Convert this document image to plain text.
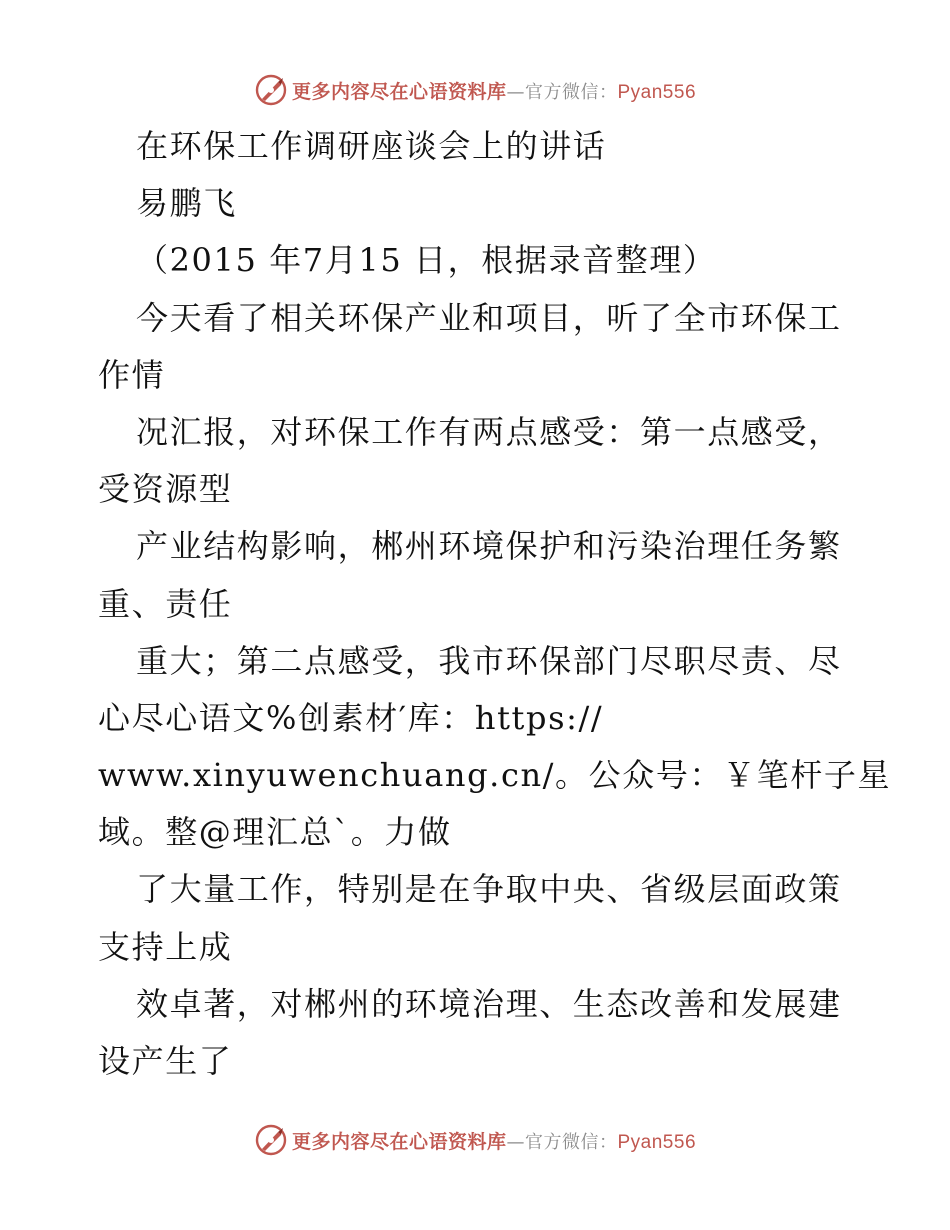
更多内容尽在心语资料库—官方微信：Pyan556
在环保工作调研座谈会上的讲话
易鹏飞
（2015 年7月15 日，根据录音整理）
今天看了相关环保产业和项目，听了全市环保工
作情
况汇报，对环保工作有两点感受：第一点感受，
受资源型
产业结构影响，郴州环境保护和污染治理任务繁
重、责任
重大；第二点感受，我市环保部门尽职尽责、尽
心尽心语文%创素材′库：https://
www.xinyuwenchuang.cn/。公众号：￥笔杆子星
域。整@理汇总`。力做
了大量工作，特别是在争取中央、省级层面政策
支持上成
效卓著，对郴州的环境治理、生态改善和发展建
设产生了
更多内容尽在心语资料库—官方微信：Pyan556
